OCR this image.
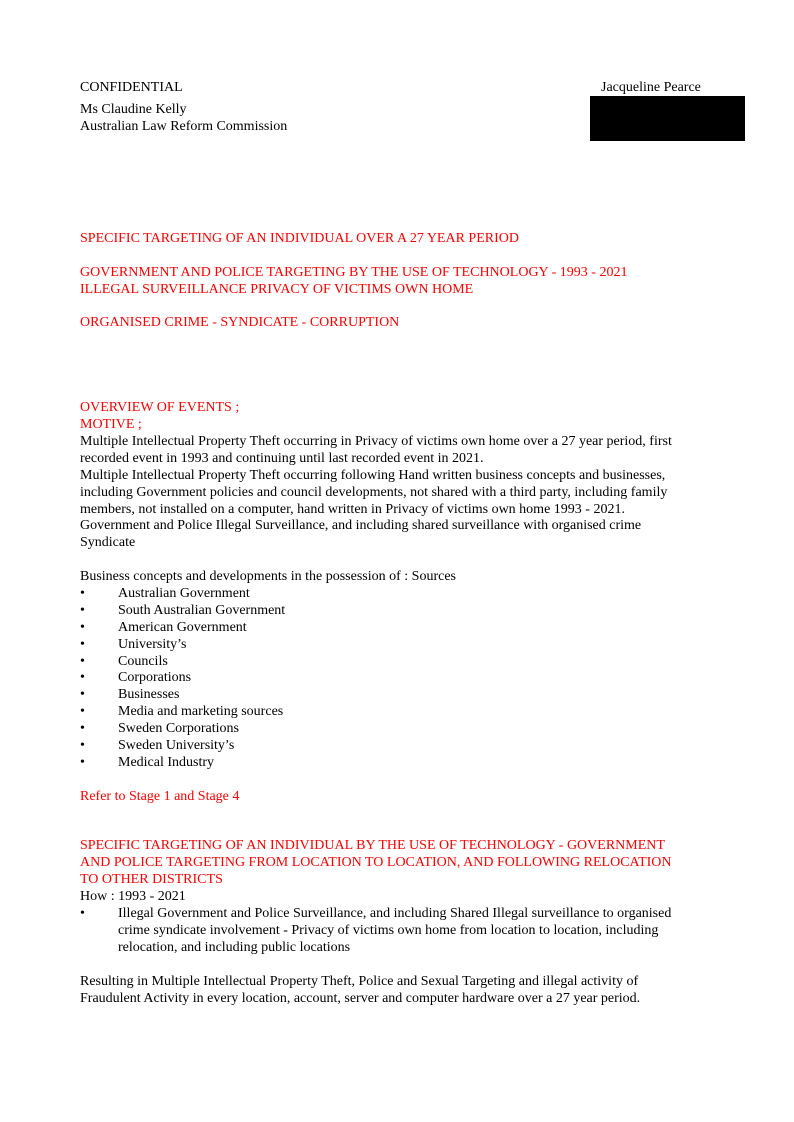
CONFIDENTIAL
Ms Claudine Kelly
Australian Law Reform Commission
Jacqueline Pearce
SPECIFIC TARGETING OF AN INDIVIDUAL OVER A 27 YEAR PERIOD
GOVERNMENT AND POLICE TARGETING BY THE USE OF TECHNOLOGY - 1993 - 2021
ILLEGAL SURVEILLANCE PRIVACY OF VICTIMS OWN HOME
ORGANISED CRIME - SYNDICATE - CORRUPTION
OVERVIEW OF EVENTS ;
MOTIVE ;
Multiple Intellectual Property Theft occurring in Privacy of victims own home over a 27 year period, first
recorded event in 1993 and continuing until last recorded event in 2021.
Multiple Intellectual Property Theft occurring following Hand written business concepts and businesses,
including Government policies and council developments, not shared with a third party, including family
members, not installed on a computer, hand written in Privacy of victims own home 1993 - 2021.
Government and Police Illegal Surveillance, and including shared surveillance with organised crime
Syndicate
Business concepts and developments in the possession of : Sources
• Australian Government
• South Australian Government
• American Government
• University’s
• Councils
• Corporations
• Businesses
• Media and marketing sources
• Sweden Corporations
• Sweden University’s
• Medical Industry
Refer to Stage 1 and Stage 4
SPECIFIC TARGETING OF AN INDIVIDUAL BY THE USE OF TECHNOLOGY - GOVERNMENT
AND POLICE TARGETING FROM LOCATION TO LOCATION, AND FOLLOWING RELOCATION
TO OTHER DISTRICTS
How : 1993 - 2021
• Illegal Government and Police Surveillance, and including Shared Illegal surveillance to organised
crime syndicate involvement - Privacy of victims own home from location to location, including
relocation, and including public locations
Resulting in Multiple Intellectual Property Theft, Police and Sexual Targeting and illegal activity of
Fraudulent Activity in every location, account, server and computer hardware over a 27 year period.
